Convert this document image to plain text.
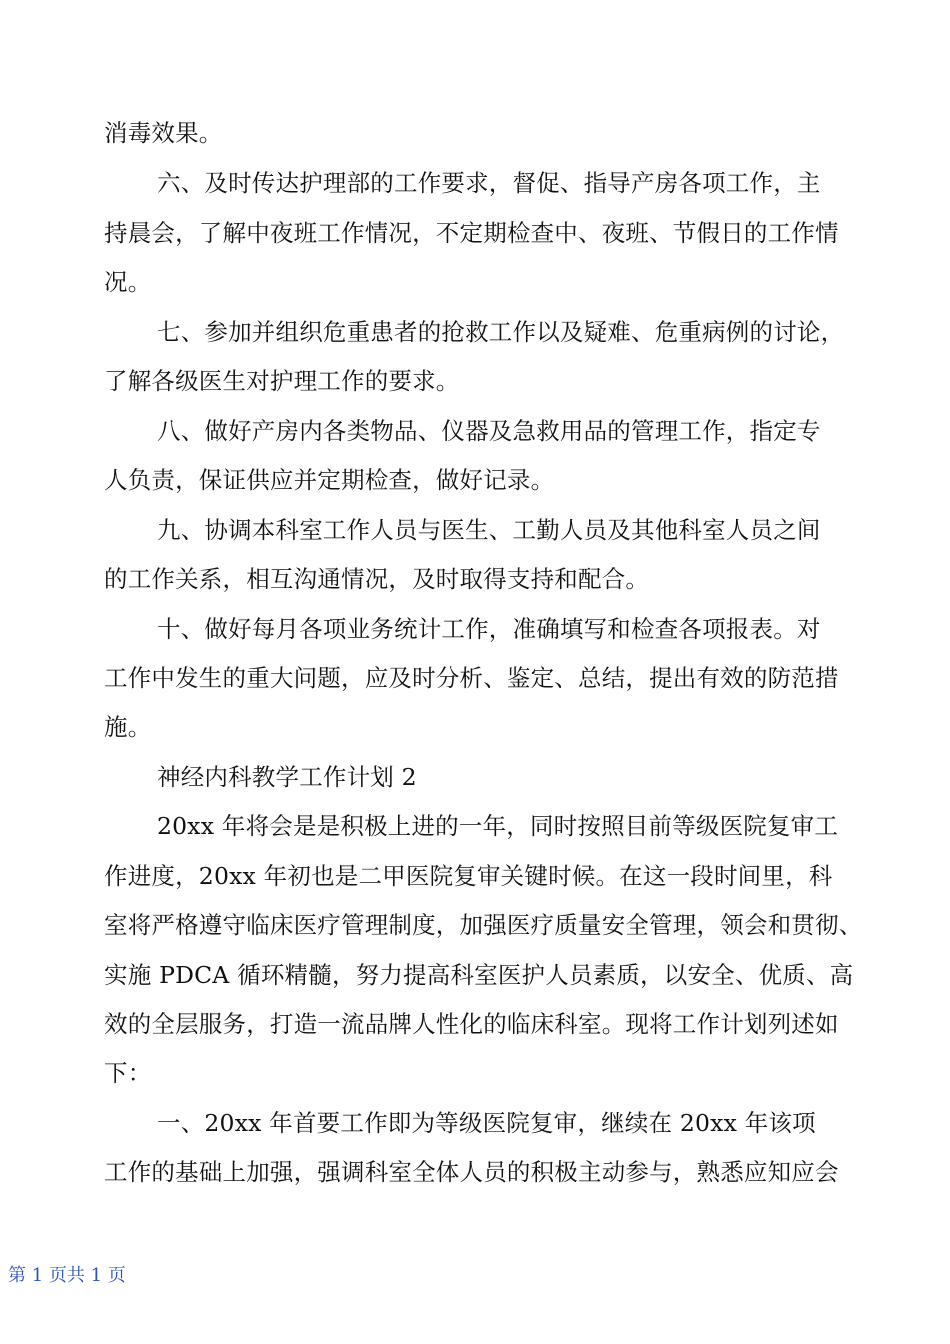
消毒效果。
六、及时传达护理部的工作要求，督促、指导产房各项工作，主
持晨会，了解中夜班工作情况，不定期检查中、夜班、节假日的工作情
况。
七、参加并组织危重患者的抢救工作以及疑难、危重病例的讨论，
了解各级医生对护理工作的要求。
八、做好产房内各类物品、仪器及急救用品的管理工作，指定专
人负责，保证供应并定期检查，做好记录。
九、协调本科室工作人员与医生、工勤人员及其他科室人员之间
的工作关系，相互沟通情况，及时取得支持和配合。
十、做好每月各项业务统计工作，准确填写和检查各项报表。对
工作中发生的重大问题，应及时分析、鉴定、总结，提出有效的防范措
施。
神经内科教学工作计划 2
20xx 年将会是是积极上进的一年，同时按照目前等级医院复审工
作进度，20xx 年初也是二甲医院复审关键时候。在这一段时间里，科
室将严格遵守临床医疗管理制度，加强医疗质量安全管理，领会和贯彻、
实施 PDCA 循环精髓，努力提高科室医护人员素质，以安全、优质、高
效的全层服务，打造一流品牌人性化的临床科室。现将工作计划列述如
下：
一、20xx 年首要工作即为等级医院复审，继续在 20xx 年该项
工作的基础上加强，强调科室全体人员的积极主动参与，熟悉应知应会
第 1 页共 1 页
